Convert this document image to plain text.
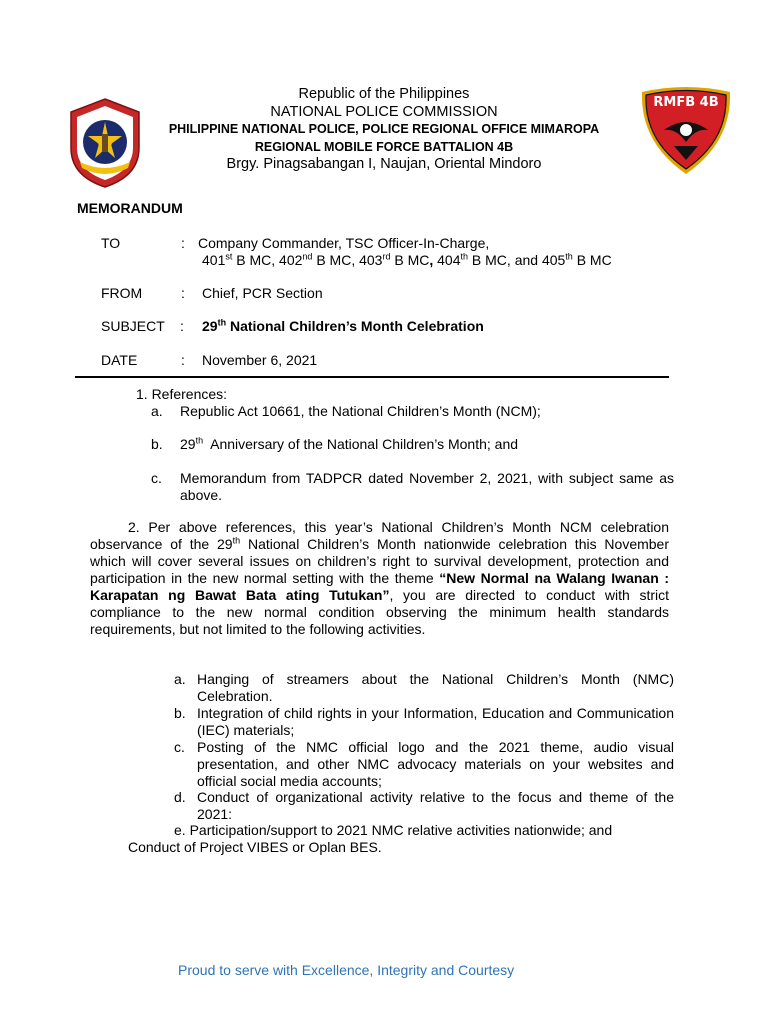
RMFB 4B
Republic of the Philippines
NATIONAL POLICE COMMISSION
PHILIPPINE NATIONAL POLICE, POLICE REGIONAL OFFICE MIMAROPA
REGIONAL MOBILE FORCE BATTALION 4B
Brgy. Pinagsabangan I, Naujan, Oriental Mindoro
MEMORANDUM
TO	: Company Commander, TSC Officer-In-Charge,
401st B MC, 402nd B MC, 403rd B MC, 404th B MC, and 405th B MC
FROM	: Chief, PCR Section
SUBJECT : 29th National Children’s Month Celebration
DATE	: November 6, 2021
1. References:
a. Republic Act 10661, the National Children’s Month (NCM);
b. 29th Anniversary of the National Children’s Month; and
c. Memorandum from TADPCR dated November 2, 2021, with subject same as above.
2. Per above references, this year’s National Children’s Month NCM celebration observance of the 29th National Children’s Month nationwide celebration this November which will cover several issues on children’s right to survival development, protection and participation in the new normal setting with the theme “New Normal na Walang Iwanan : Karapatan ng Bawat Bata ating Tutukan”, you are directed to conduct with strict compliance to the new normal condition observing the minimum health standards requirements, but not limited to the following activities.
a. Hanging of streamers about the National Children’s Month (NMC) Celebration.
b. Integration of child rights in your Information, Education and Communication (IEC) materials;
c. Posting of the NMC official logo and the 2021 theme, audio visual presentation, and other NMC advocacy materials on your websites and official social media accounts;
d. Conduct of organizational activity relative to the focus and theme of the 2021:
e. Participation/support to 2021 NMC relative activities nationwide; and
Conduct of Project VIBES or Oplan BES.
Proud to serve with Excellence, Integrity and Courtesy
